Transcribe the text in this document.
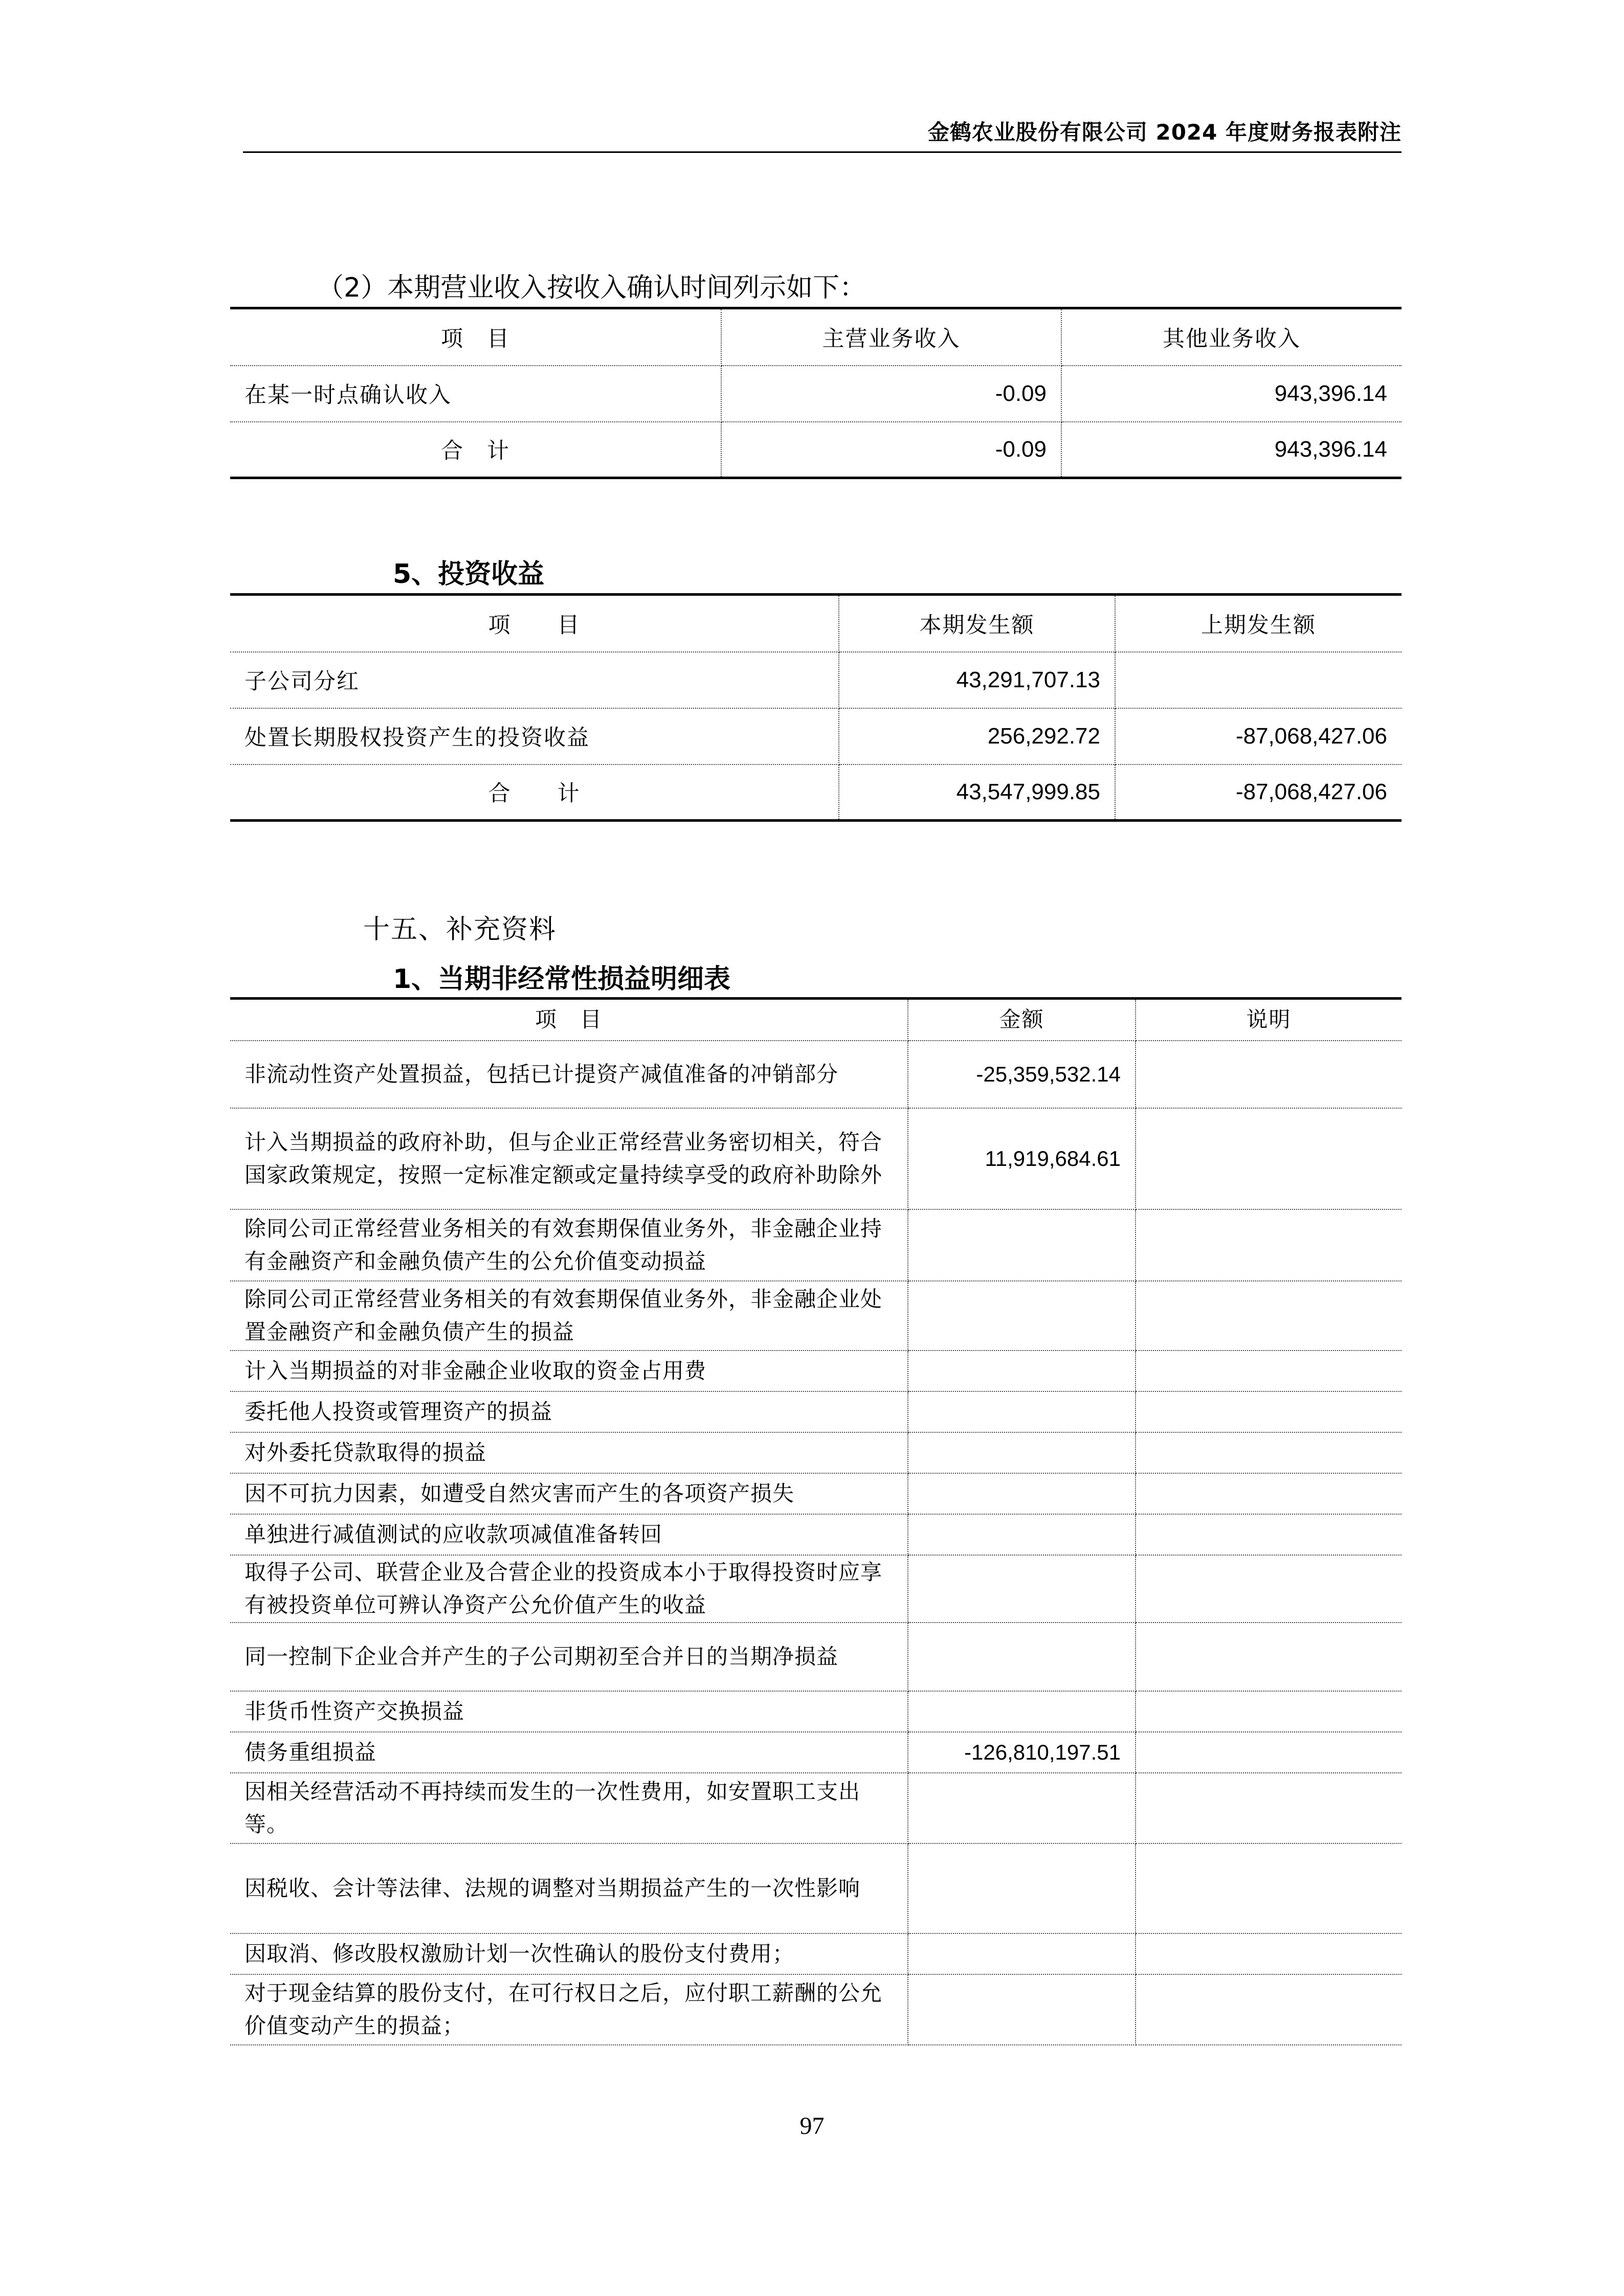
金鹤农业股份有限公司 2024 年度财务报表附注
（2）本期营业收入按收入确认时间列示如下：
项　目	主营业务收入	其他业务收入
在某一时点确认收入	-0.09	943,396.14
合　计	-0.09	943,396.14
5、投资收益
项　　目	本期发生额	上期发生额
子公司分红	43,291,707.13	
处置长期股权投资产生的投资收益	256,292.72	-87,068,427.06
合　　计	43,547,999.85	-87,068,427.06
十五、补充资料
1、当期非经常性损益明细表
项　目	金额	说明
非流动性资产处置损益，包括已计提资产减值准备的冲销部分	-25,359,532.14	
计入当期损益的政府补助，但与企业正常经营业务密切相关，符合国家政策规定，按照一定标准定额或定量持续享受的政府补助除外	11,919,684.61	
除同公司正常经营业务相关的有效套期保值业务外，非金融企业持有金融资产和金融负债产生的公允价值变动损益		
除同公司正常经营业务相关的有效套期保值业务外，非金融企业处置金融资产和金融负债产生的损益		
计入当期损益的对非金融企业收取的资金占用费		
委托他人投资或管理资产的损益		
对外委托贷款取得的损益		
因不可抗力因素，如遭受自然灾害而产生的各项资产损失		
单独进行减值测试的应收款项减值准备转回		
取得子公司、联营企业及合营企业的投资成本小于取得投资时应享有被投资单位可辨认净资产公允价值产生的收益		
同一控制下企业合并产生的子公司期初至合并日的当期净损益		
非货币性资产交换损益		
债务重组损益	-126,810,197.51	
因相关经营活动不再持续而发生的一次性费用，如安置职工支出等。		
因税收、会计等法律、法规的调整对当期损益产生的一次性影响		
因取消、修改股权激励计划一次性确认的股份支付费用；		
对于现金结算的股份支付，在可行权日之后，应付职工薪酬的公允价值变动产生的损益；		
97
